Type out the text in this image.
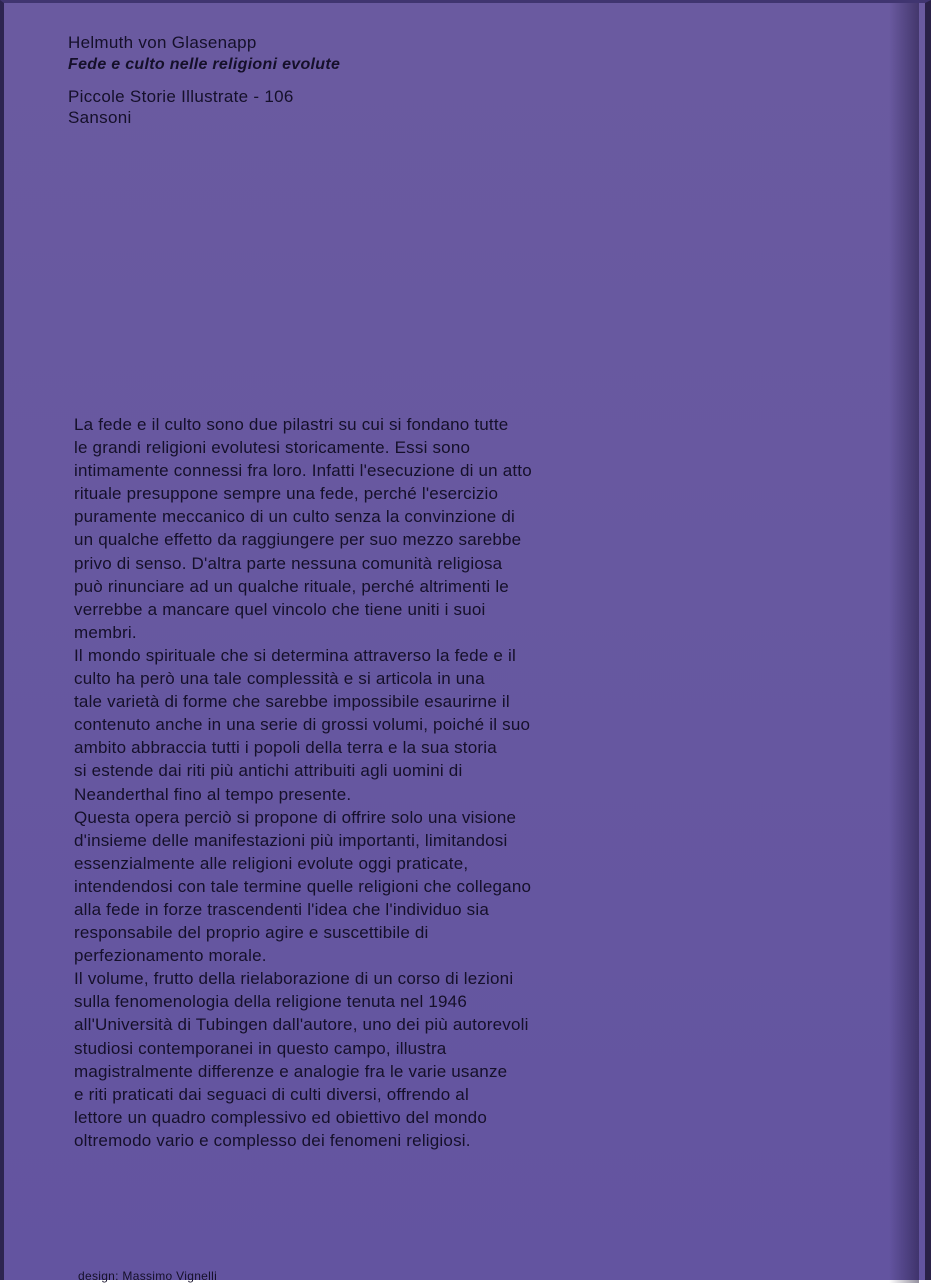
Helmuth von Glasenapp
Fede e culto nelle religioni evolute
Piccole Storie Illustrate - 106
Sansoni
La fede e il culto sono due pilastri su cui si fondano tutte
le grandi religioni evolutesi storicamente. Essi sono
intimamente connessi fra loro. Infatti l'esecuzione di un atto
rituale presuppone sempre una fede, perché l'esercizio
puramente meccanico di un culto senza la convinzione di
un qualche effetto da raggiungere per suo mezzo sarebbe
privo di senso. D'altra parte nessuna comunità religiosa
può rinunciare ad un qualche rituale, perché altrimenti le
verrebbe a mancare quel vincolo che tiene uniti i suoi
membri.
Il mondo spirituale che si determina attraverso la fede e il
culto ha però una tale complessità e si articola in una
tale varietà di forme che sarebbe impossibile esaurirne il
contenuto anche in una serie di grossi volumi, poiché il suo
ambito abbraccia tutti i popoli della terra e la sua storia
si estende dai riti più antichi attribuiti agli uomini di
Neanderthal fino al tempo presente.
Questa opera perciò si propone di offrire solo una visione
d'insieme delle manifestazioni più importanti, limitandosi
essenzialmente alle religioni evolute oggi praticate,
intendendosi con tale termine quelle religioni che collegano
alla fede in forze trascendenti l'idea che l'individuo sia
responsabile del proprio agire e suscettibile di
perfezionamento morale.
Il volume, frutto della rielaborazione di un corso di lezioni
sulla fenomenologia della religione tenuta nel 1946
all'Università di Tubingen dall'autore, uno dei più autorevoli
studiosi contemporanei in questo campo, illustra
magistralmente differenze e analogie fra le varie usanze
e riti praticati dai seguaci di culti diversi, offrendo al
lettore un quadro complessivo ed obiettivo del mondo
oltremodo vario e complesso dei fenomeni religiosi.
design: Massimo Vignelli
